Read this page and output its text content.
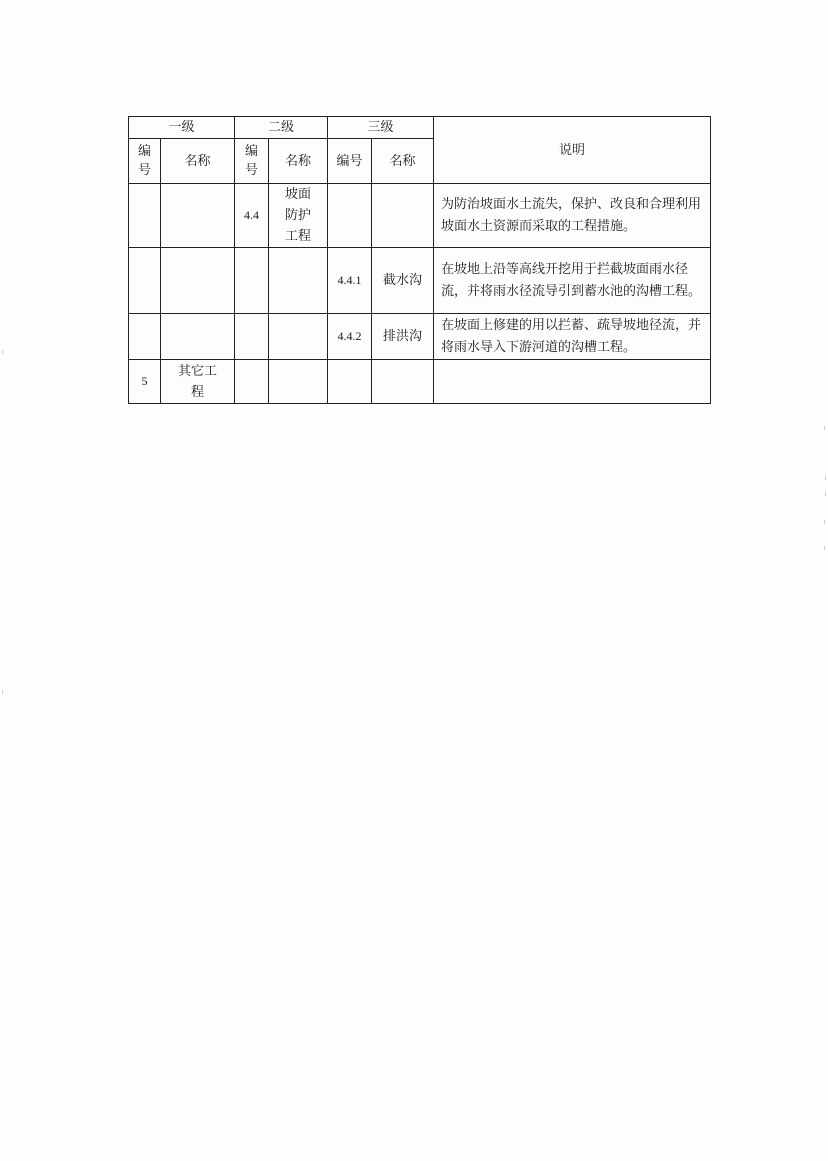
一级		二级		三级		说明
编号	名称	编号	名称	编号	名称	
		4.4	坡面防护工程			为防治坡面水土流失，保护、改良和合理利用坡面水土资源而采取的工程措施。
				4.4.1	截水沟	在坡地上沿等高线开挖用于拦截坡面雨水径流，并将雨水径流导引到蓄水池的沟槽工程。
				4.4.2	排洪沟	在坡面上修建的用以拦蓄、疏导坡地径流，并将雨水导入下游河道的沟槽工程。
5	其它工程					
